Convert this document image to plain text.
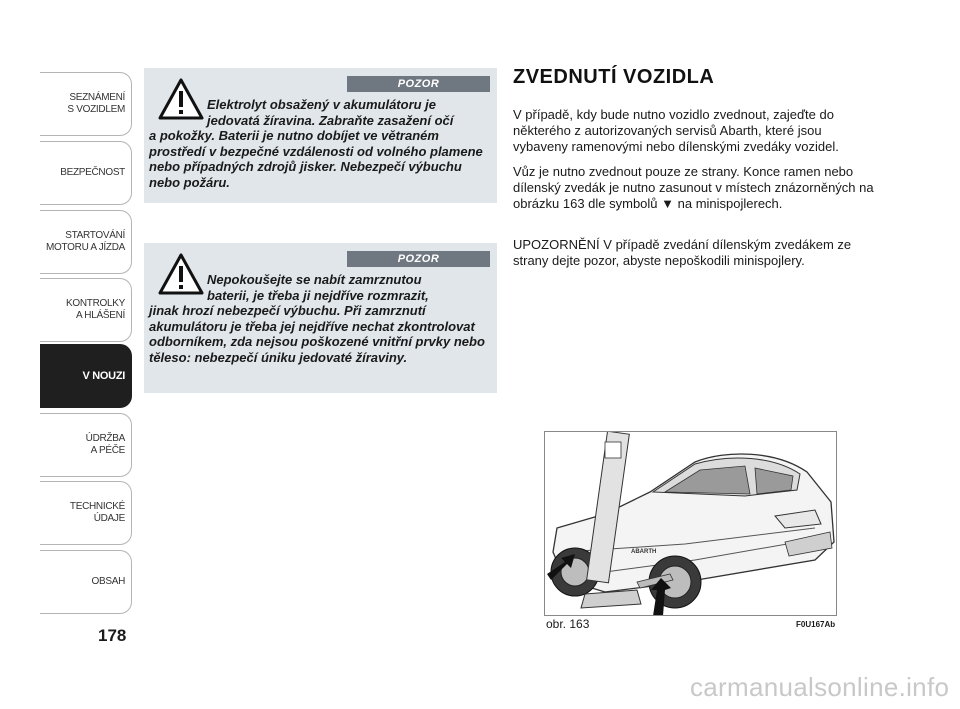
SEZNÁMENÍ
S VOZIDLEM
BEZPEČNOST
STARTOVÁNÍ
MOTORU A JÍZDA
KONTROLKY
A HLÁŠENÍ
V NOUZI
ÚDRŽBA
A PÉČE
TECHNICKÉ
ÚDAJE
OBSAH
178
POZOR
Elektrolyt obsažený v akumulátoru je
jedovatá žíravina. Zabraňte zasažení očí
a pokožky. Baterii je nutno dobíjet ve větraném prostředí v bezpečné vzdálenosti od volného plamene nebo případných zdrojů jisker. Nebezpečí výbuchu nebo požáru.
POZOR
Nepokoušejte se nabít zamrznutou
baterii, je třeba ji nejdříve rozmrazit,
jinak hrozí nebezpečí výbuchu. Při zamrznutí akumulátoru je třeba jej nejdříve nechat zkontrolovat odborníkem, zda nejsou poškozené vnitřní prvky nebo těleso: nebezpečí úniku jedovaté žíraviny.
ZVEDNUTÍ VOZIDLA
V případě, kdy bude nutno vozidlo zvednout, zajeďte do některého z autorizovaných servisů Abarth, které jsou vybaveny ramenovými nebo dílenskými zvedáky vozidel.
Vůz je nutno zvednout pouze ze strany. Konce ramen nebo dílenský zvedák je nutno zasunout v místech znázorněných na obrázku 163 dle symbolů ▼ na minispojlerech.
UPOZORNĚNÍ V případě zvedání dílenským zvedákem ze strany dejte pozor, abyste nepoškodili minispojlery.
ABARTH
obr. 163	F0U167Ab
carmanualsonline.info
